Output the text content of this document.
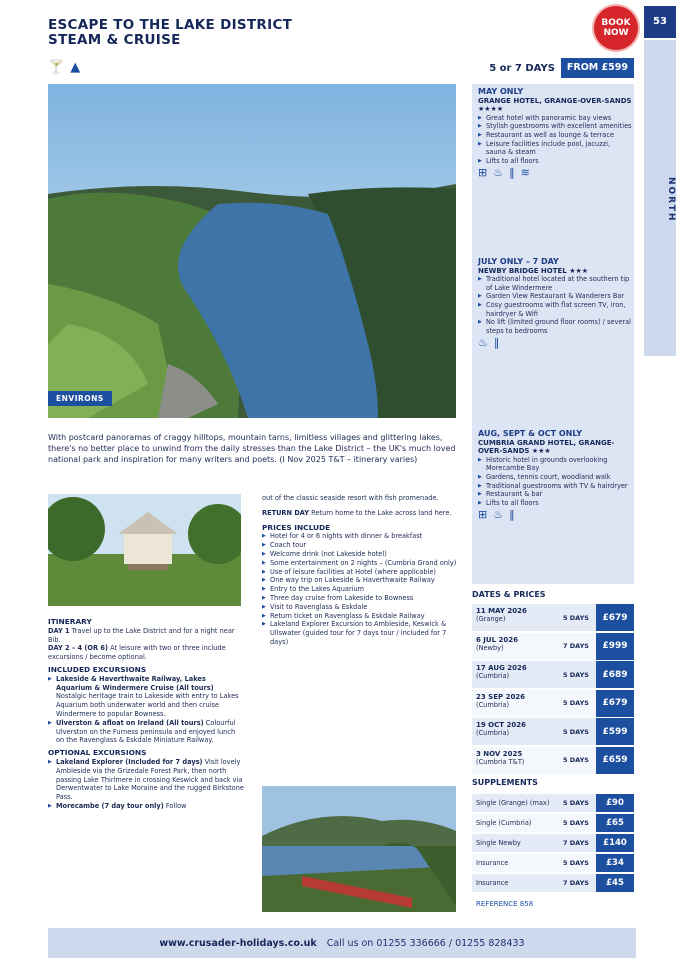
ESCAPE TO THE LAKE DISTRICT STEAM & CRUISE
BOOK NOW
53
NORTH
🍸 ▲	5 or 7 DAYS	FROM £599
ENVIRONS
With postcard panoramas of craggy hilltops, mountain tarns, limitless villages and glittering lakes, there's no better place to unwind from the daily stresses than the Lake District – the UK's much loved national park and inspiration for many writers and poets. (I Nov 2025 T&T – itinerary varies)
ITINERARY
DAY 1 Travel up to the Lake District and for a night near Bib.
DAY 2 – 4 (OR 6) At leisure with two or three include excursions / become optional.
INCLUDED EXCURSIONS
▶ Lakeside & Haverthwaite Railway, Lakes Aquarium & Windermere Cruise (All tours) Nostalgic heritage train to Lakeside with entry to Lakes Aquarium both underwater world and then cruise Windermere to popular Bowness.
▶ Ulverston & afloat on Ireland (All tours) Colourful Ulverston on the Furness peninsula and enjoyed lunch on the Ravenglass & Eskdale Miniature Railway.
OPTIONAL EXCURSIONS
▶ Lakeland Explorer (Included for 7 days) Visit lovely Ambleside via the Grizedale Forest Park, then north passing Lake Thirlmere in crossing Keswick and back via Derwentwater to Lake Moraine and the rugged Birkstone Pass.
▶ Morecambe (7 day tour only) Follow
out of the classic seaside resort with fish promenade.
RETURN DAY Return home to the Lake across land here.
PRICES INCLUDE
▶ Hotel for 4 or 6 nights with dinner & breakfast
▶ Coach tour
▶ Welcome drink (not Lakeside hotel)
▶ Some entertainment on 2 nights – (Cumbria Grand only)
▶ Use of leisure facilities at Hotel (where applicable)
▶ One way trip on Lakeside & Haverthwaite Railway
▶ Entry to the Lakes Aquarium
▶ Three day cruise from Lakeside to Bowness
▶ Visit to Ravenglass & Eskdale
▶ Return ticket on Ravenglass & Eskdale Railway
▶ Lakeland Explorer Excursion to Ambleside, Keswick & Ullswater (guided tour for 7 days tour / included for 7 days)
MAY ONLY
GRANGE HOTEL, GRANGE-OVER-SANDS ★★★★
▶ Great hotel with panoramic bay views
▶ Stylish guestrooms with excellent amenities
▶ Restaurant as well as lounge & terrace
▶ Leisure facilities include pool, jacuzzi, sauna & steam
▶ Lifts to all floors
⊞ ♨ ‖ ≋
JULY ONLY – 7 DAY
NEWBY BRIDGE HOTEL ★★★
▶ Traditional hotel located at the southern tip of Lake Windermere
▶ Garden View Restaurant & Wanderers Bar
▶ Cosy guestrooms with flat screen TV, iron, hairdryer & Wifi
▶ No lift (limited ground floor rooms) / several steps to bedrooms
♨ ‖
AUG, SEPT & OCT ONLY
CUMBRIA GRAND HOTEL, GRANGE-OVER-SANDS ★★★
▶ Historic hotel in grounds overlooking Morecambe Bay
▶ Gardens, tennis court, woodland walk
▶ Traditional guestrooms with TV & hairdryer
▶ Restaurant & bar
▶ Lifts to all floors
⊞ ♨ ‖
DATES & PRICES
11 MAY 2026
(Grange)	5 DAYS	£679
6 JUL 2026
(Newby)	7 DAYS	£999
17 AUG 2026
(Cumbria)	5 DAYS	£689
23 SEP 2026
(Cumbria)	5 DAYS	£679
19 OCT 2026
(Cumbria)	5 DAYS	£599
3 NOV 2025
(Cumbria T&T)	5 DAYS	£659
SUPPLEMENTS
Single (Grange) (max)	5 DAYS	£90
Single (Cumbria)	5 DAYS	£65
Single Newby	7 DAYS	£140
Insurance	5 DAYS	£34
Insurance	7 DAYS	£45
REFERENCE 858
www.crusader-holidays.co.uk Call us on 01255 336666 / 01255 828433
